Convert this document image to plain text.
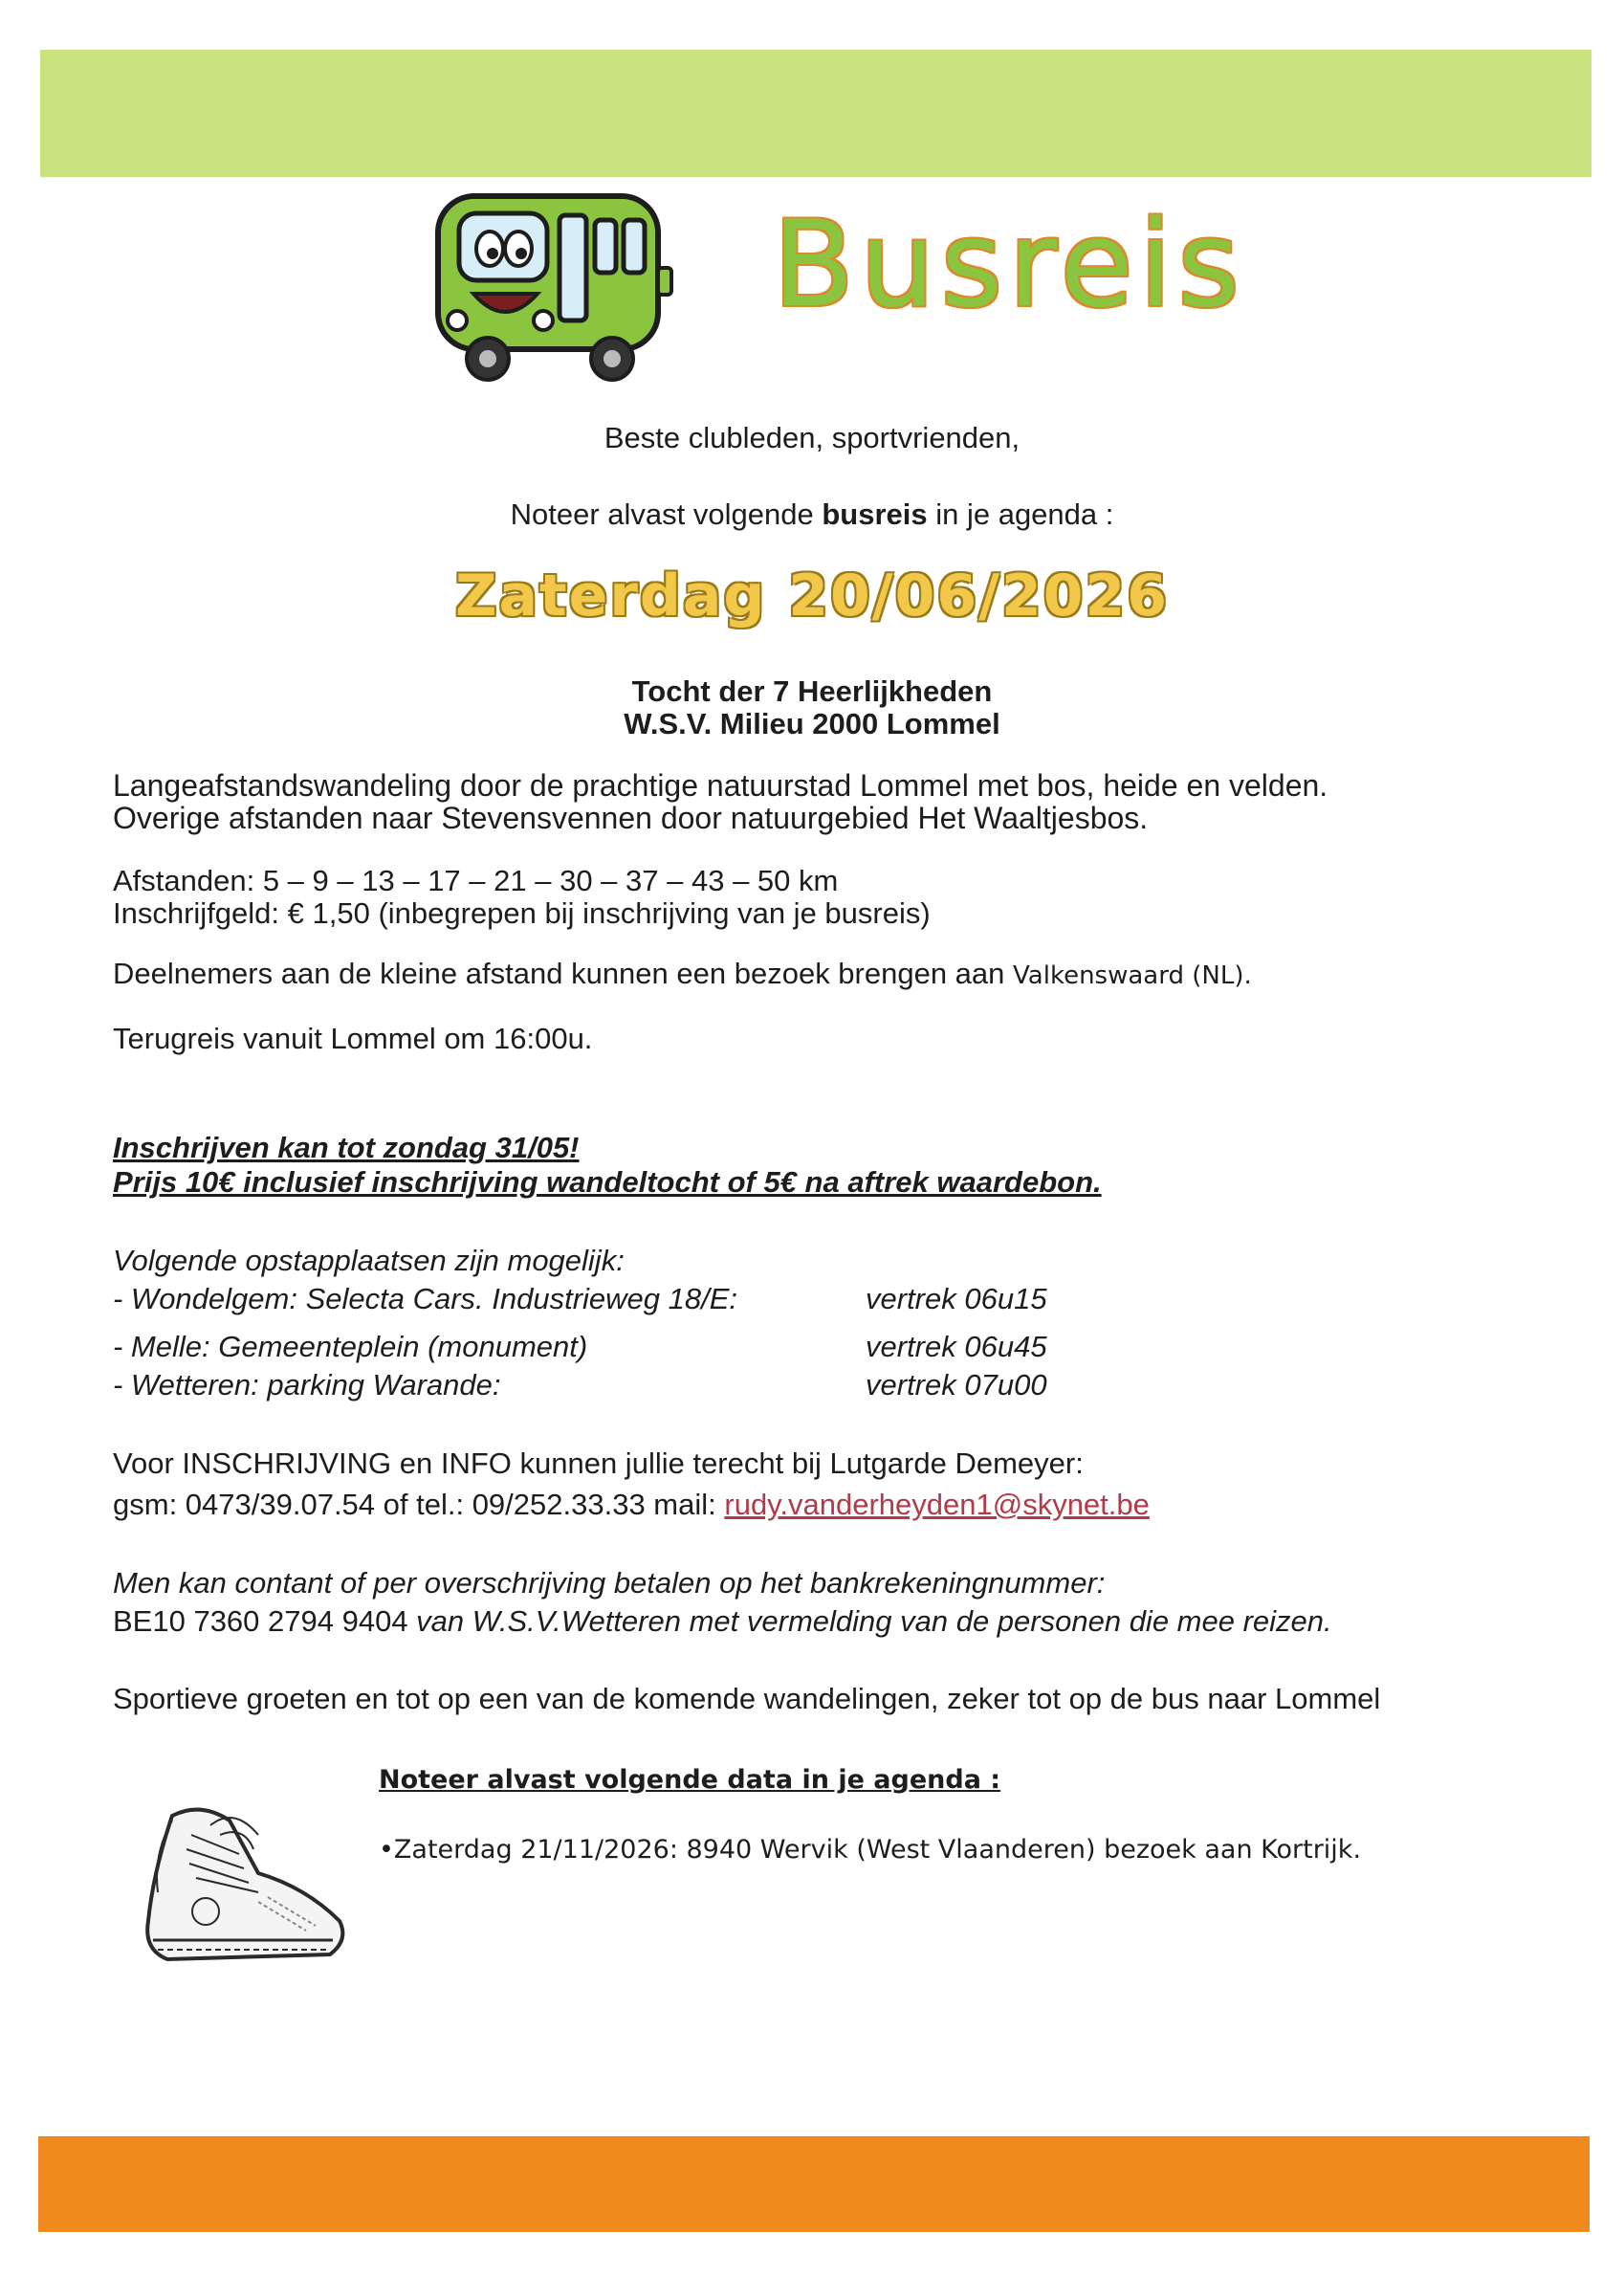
Busreis
Beste clubleden, sportvrienden,
Noteer alvast volgende busreis in je agenda :
Zaterdag 20/06/2026
Tocht der 7 Heerlijkheden
W.S.V. Milieu 2000 Lommel
Langeafstandswandeling door de prachtige natuurstad Lommel met bos, heide en velden.
Overige afstanden naar Stevensvennen door natuurgebied Het Waaltjesbos.
Afstanden: 5 – 9 – 13 – 17 – 21 – 30 – 37 – 43 – 50 km
Inschrijfgeld: € 1,50 (inbegrepen bij inschrijving van je busreis)
Deelnemers aan de kleine afstand kunnen een bezoek brengen aan Valkenswaard (NL).
Terugreis vanuit Lommel om 16:00u.
Inschrijven kan tot zondag 31/05!
Prijs 10€ inclusief inschrijving wandeltocht of 5€ na aftrek waardebon.
Volgende opstapplaatsen zijn mogelijk:
- Wondelgem: Selecta Cars. Industrieweg 18/E:	vertrek 06u15
- Melle: Gemeenteplein (monument)	vertrek 06u45
- Wetteren: parking Warande:	vertrek 07u00
Voor INSCHRIJVING en INFO kunnen jullie terecht bij Lutgarde Demeyer:
gsm: 0473/39.07.54 of tel.: 09/252.33.33 mail: rudy.vanderheyden1@skynet.be
Men kan contant of per overschrijving betalen op het bankrekeningnummer:
BE10 7360 2794 9404 van W.S.V.Wetteren met vermelding van de personen die mee reizen.
Sportieve groeten en tot op een van de komende wandelingen, zeker tot op de bus naar Lommel
Noteer alvast volgende data in je agenda :
•Zaterdag 21/11/2026: 8940 Wervik (West Vlaanderen) bezoek aan Kortrijk.
